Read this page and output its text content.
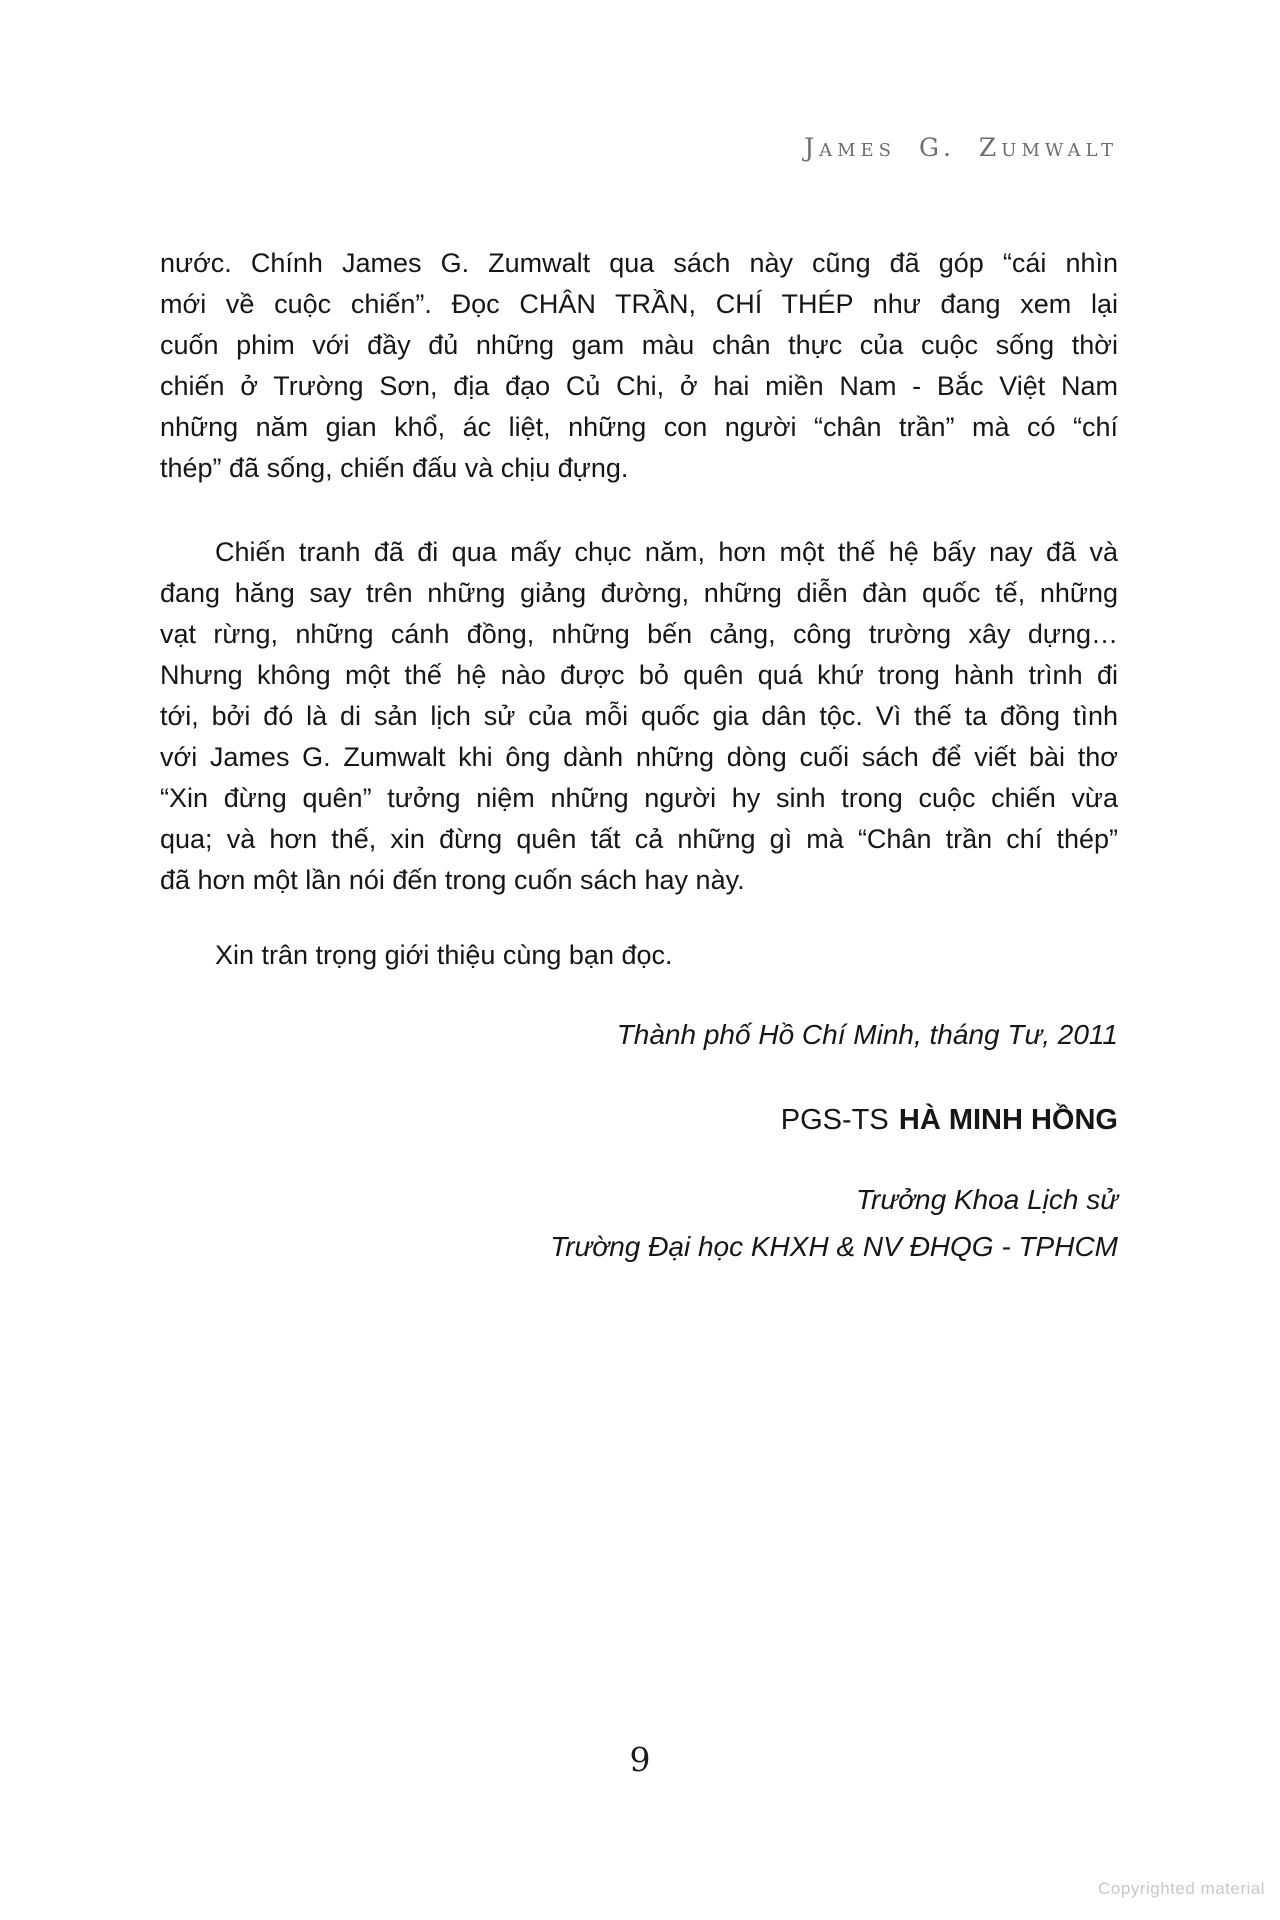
James G. Zumwalt
nước. Chính James G. Zumwalt qua sách này cũng đã góp “cái nhìn
mới về cuộc chiến”. Đọc CHÂN TRẦN, CHÍ THÉP như đang xem lại
cuốn phim với đầy đủ những gam màu chân thực của cuộc sống thời
chiến ở Trường Sơn, địa đạo Củ Chi, ở hai miền Nam - Bắc Việt Nam
những năm gian khổ, ác liệt, những con người “chân trần” mà có “chí
thép” đã sống, chiến đấu và chịu đựng.
Chiến tranh đã đi qua mấy chục năm, hơn một thế hệ bấy nay đã và
đang hăng say trên những giảng đường, những diễn đàn quốc tế, những
vạt rừng, những cánh đồng, những bến cảng, công trường xây dựng…
Nhưng không một thế hệ nào được bỏ quên quá khứ trong hành trình đi
tới, bởi đó là di sản lịch sử của mỗi quốc gia dân tộc. Vì thế ta đồng tình
với James G. Zumwalt khi ông dành những dòng cuối sách để viết bài thơ
“Xin đừng quên” tưởng niệm những người hy sinh trong cuộc chiến vừa
qua; và hơn thế, xin đừng quên tất cả những gì mà “Chân trần chí thép”
đã hơn một lần nói đến trong cuốn sách hay này.
Xin trân trọng giới thiệu cùng bạn đọc.
Thành phố Hồ Chí Minh, tháng Tư, 2011
PGS-TS HÀ MINH HỒNG
Trưởng Khoa Lịch sử
Trường Đại học KHXH & NV ĐHQG - TPHCM
9
Copyrighted material
